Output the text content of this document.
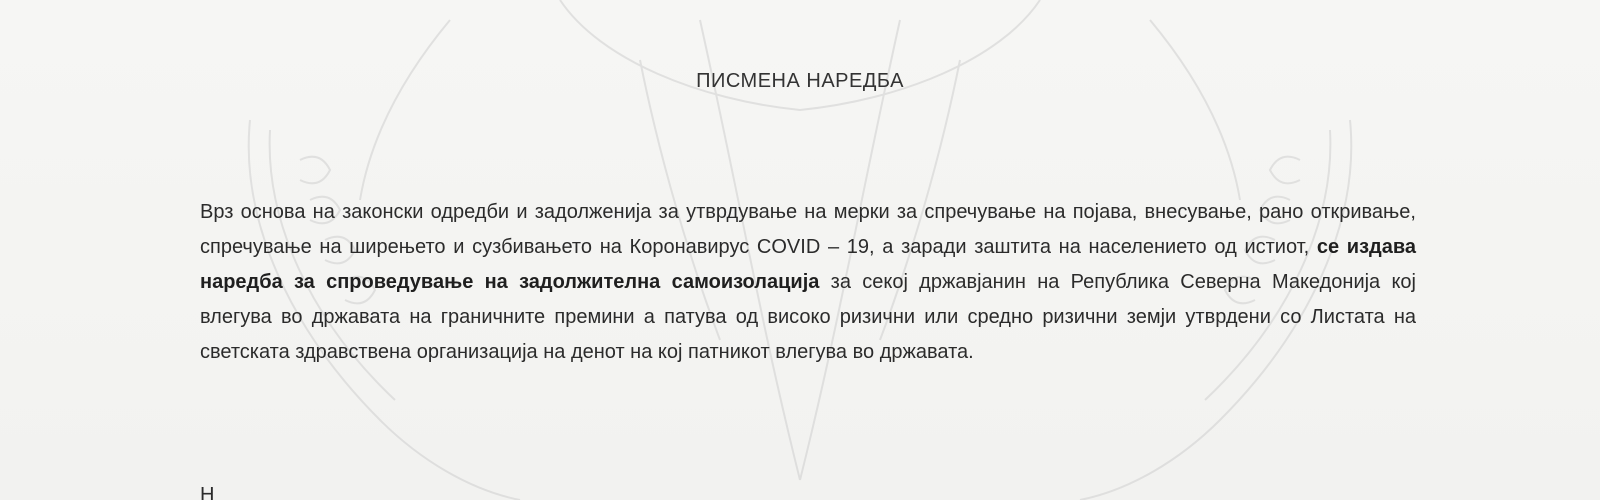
ПИСМЕНА НАРЕДБА
Врз основа на законски одредби и задолженија за утврдување на мерки за спречување на појава, внесување, рано откривање, спречување на ширењето и сузбивањето на Коронавирус COVID – 19, а заради заштита на населението од истиот, се издава наредба за спроведување на задолжителна самоизолација за секој државјанин на Република Северна Македонија кој влегува во државата на граничните премини а патува од високо ризични или средно ризични земји утврдени со Листата на светската здравствена организација на денот на кој патникот влегува во државата.
Н
